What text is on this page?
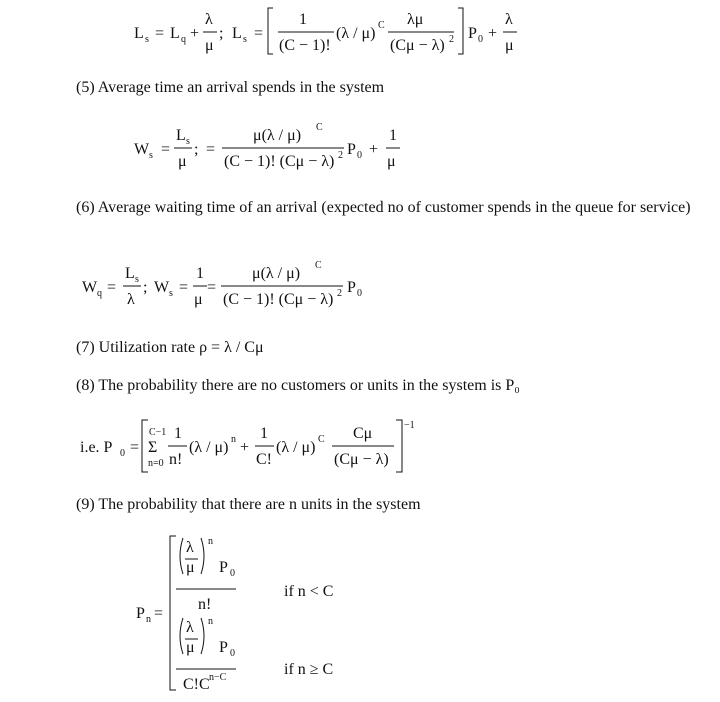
L s = L q +
λ
μ
; L s =
1
(C − 1)!
(λ / μ) C λμ
(Cμ − λ) 2 P 0 +
λ
μ
(5) Average time an arrival spends in the system
W s =
L s
μ
; =
μ(λ / μ) C
(C − 1)! (Cμ − λ) 2 P 0 +
1
μ
(6) Average waiting time of an arrival (expected no of customer spends in the queue for service)
W q =
L s
λ
; W s =
1
μ
=
μ(λ / μ) C
(C − 1)! (Cμ − λ) 2 P 0
(7) Utilization rate ρ = λ / Cμ
(8) The probability there are no customers or units in the system is P₀
i.e. P 0 =
C−1
Σ
n=0
1
n!
(λ / μ) n +
1
C!
(λ / μ) C Cμ
(Cμ − λ)
−1
(9) The probability that there are n units in the system
P n =
λ
μ
n
P 0
n!
λ
μ
n
P 0
C!C n−C
if n < C
if n ≥ C
